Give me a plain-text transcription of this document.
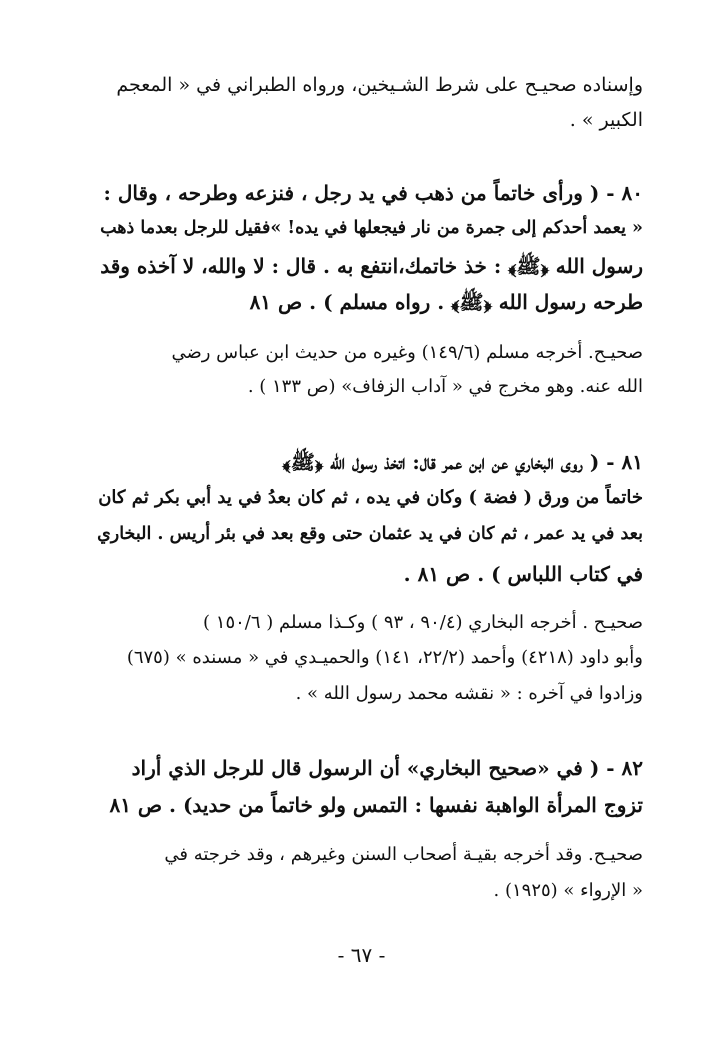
وإسناده صحيـح على شرط الشـيخين، ورواه الطبراني في « المعجم
الكبير » .
٨٠ - ( ورأى خاتماً من ذهب في يد رجل ، فنزعه وطرحه ، وقال :
« يعمد أحدكم إلى جمرة من نار فيجعلها في يده! »فقيل للرجل بعدما ذهب
رسول الله ﴿ﷺ﴾ : خذ خاتمك،انتفع به . قال : لا والله، لا آخذه وقد
طرحه رسول الله ﴿ﷺ﴾ . رواه مسلم ) . ص ٨١
صحيـح. أخرجه مسلم (١٤٩/٦) وغيره من حديث ابن عباس رضي
الله عنه. وهو مخرج في « آداب الزفاف» (ص ١٣٣ ) .
٨١ - ( روى البخاري عن ابن عمر قال: اتخذ رسول الله ﴿ﷺ﴾
خاتماً من ورق ( فضة ) وكان في يده ، ثم كان بعدُ في يد أبي بكر ثم كان
بعد في يد عمر ، ثم كان في يد عثمان حتى وقع بعد في بئر أريس . البخاري
في كتاب اللباس ) . ص ٨١ .
صحيـح . أخرجه البخاري (٩٠/٤ ، ٩٣ ) وكـذا مسلم ( ١٥٠/٦ )
وأبو داود (٤٢١٨) وأحمد (٢٢/٢، ١٤١) والحميـدي في « مسنده » (٦٧٥)
وزادوا في آخره : « نقشه محمد رسول الله » .
٨٢ - ( في «صحيح البخاري» أن الرسول قال للرجل الذي أراد
تزوج المرأة الواهبة نفسها : التمس ولو خاتماً من حديد) . ص ٨١
صحيـح. وقد أخرجه بقيـة أصحاب السنن وغيرهم ، وقد خرجته في
« الإرواء » (١٩٢٥) .
- ٦٧ -
